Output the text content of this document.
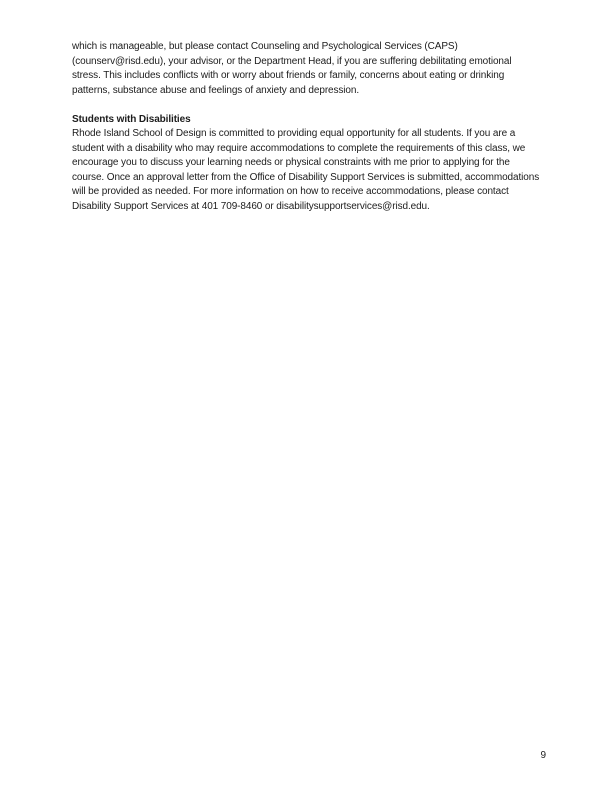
which is manageable, but please contact Counseling and Psychological Services (CAPS) (counserv@risd.edu), your advisor, or the Department Head, if you are suffering debilitating emotional stress. This includes conflicts with or worry about friends or family, concerns about eating or drinking patterns, substance abuse and feelings of anxiety and depression.

Students with Disabilities

Rhode Island School of Design is committed to providing equal opportunity for all students. If you are a student with a disability who may require accommodations to complete the requirements of this class, we encourage you to discuss your learning needs or physical constraints with me prior to applying for the course. Once an approval letter from the Office of Disability Support Services is submitted, accommodations will be provided as needed. For more information on how to receive accommodations, please contact Disability Support Services at 401 709-8460 or disabilitysupportservices@risd.edu.

9
